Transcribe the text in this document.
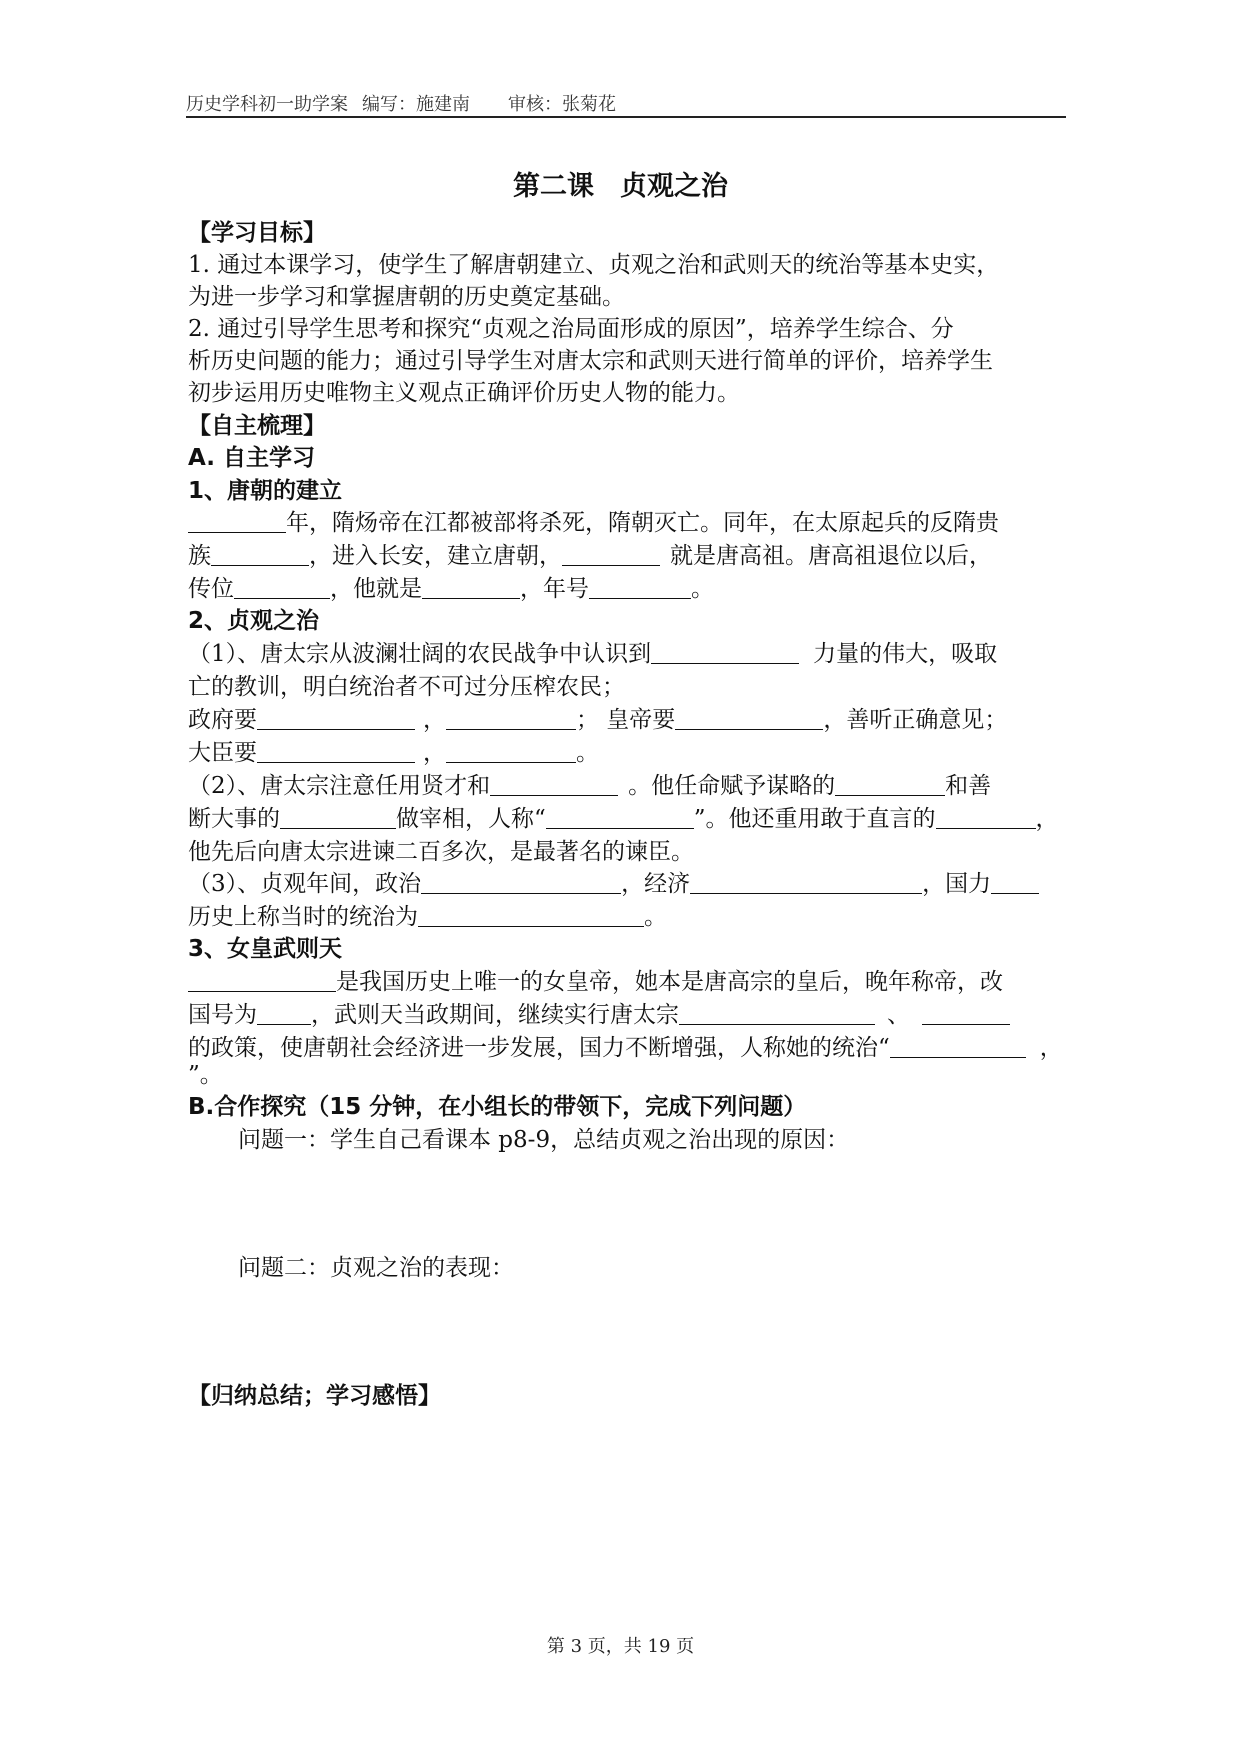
历史学科初一助学案 编写：施建南 审核：张菊花
第二课 贞观之治
【学习目标】
1. 通过本课学习，使学生了解唐朝建立、贞观之治和武则天的统治等基本史实，
为进一步学习和掌握唐朝的历史奠定基础。
2. 通过引导学生思考和探究“贞观之治局面形成的原因”，培养学生综合、分
析历史问题的能力；通过引导学生对唐太宗和武则天进行简单的评价，培养学生
初步运用历史唯物主义观点正确评价历史人物的能力。
【自主梳理】
A. 自主学习
1、唐朝的建立
年，隋炀帝在江都被部将杀死，隋朝灭亡。同年，在太原起兵的反隋贵
族	，进入长安，建立唐朝，	就是唐高祖。唐高祖退位以后，
传位	，他就是	，年号	。
2、贞观之治
（1）、唐太宗从波澜壮阔的农民战争中认识到	力量的伟大，吸取
亡的教训，明白统治者不可过分压榨农民；
政府要	，	； 皇帝要	，善听正确意见；
大臣要	，	。
（2）、唐太宗注意任用贤才和	。他任命赋予谋略的	和善
断大事的	做宰相，人称“	”。他还重用敢于直言的	，
他先后向唐太宗进谏二百多次，是最著名的谏臣。
（3）、贞观年间，政治	，经济	，国力
历史上称当时的统治为	。
3、女皇武则天
是我国历史上唯一的女皇帝，她本是唐高宗的皇后，晚年称帝，改
国号为 ，武则天当政期间，继续实行唐太宗	、
的政策，使唐朝社会经济进一步发展，国力不断增强，人称她的统治“	，
”。
B.合作探究（15 分钟，在小组长的带领下，完成下列问题）
问题一：学生自己看课本 p8-9，总结贞观之治出现的原因：
问题二：贞观之治的表现：
【归纳总结；学习感悟】
第 3 页，共 19 页
